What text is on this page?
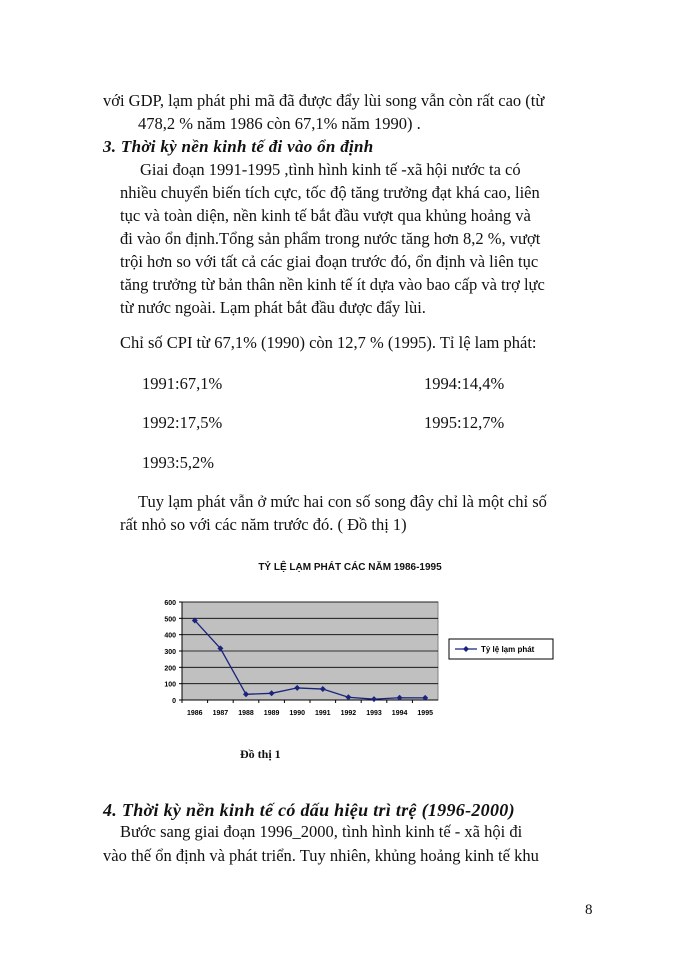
với GDP, lạm phát phi mã đã được đẩy lùi song vẫn còn rất cao (từ
478,2 % năm 1986 còn 67,1% năm 1990) .
3. Thời kỳ nền kinh tế đi vào ổn định
Giai đoạn 1991-1995 ,tình hình kinh tế -xã hội nước ta có
nhiều chuyển biến tích cực, tốc độ tăng trưởng đạt khá cao, liên
tục và toàn diện, nền kinh tế bắt đầu vượt qua khủng hoảng và
đi vào ổn định.Tổng sản phẩm trong nước tăng hơn 8,2 %, vượt
trội hơn so với tất cả các giai đoạn trước đó, ổn định và liên tục
tăng trưởng từ bản thân nền kinh tế ít dựa vào bao cấp và trợ lực
từ nước ngoài. Lạm phát bắt đầu được đẩy lùi.
Chỉ số CPI từ 67,1% (1990) còn 12,7 % (1995). Tỉ lệ lam phát:
1991:67,1%	1994:14,4%
1992:17,5%	1995:12,7%
1993:5,2%
Tuy lạm phát vẫn ở mức hai con số song đây chỉ là một chỉ số
rất nhỏ so với các năm trước đó. ( Đồ thị 1)
TỶ LỆ LẠM PHÁT CÁC NĂM 1986-1995
0
100
200
300
400
500
600
1986 1987 1988 1989 1990 1991 1992 1993 1994 1995
Tỷ lệ lạm phát
Đồ thị 1
4. Thời kỳ nền kinh tế có dấu hiệu trì trệ (1996-2000)
Bước sang giai đoạn 1996_2000, tình hình kinh tế - xã hội đi
vào thế ổn định và phát triển. Tuy nhiên, khủng hoảng kinh tế khu
8
